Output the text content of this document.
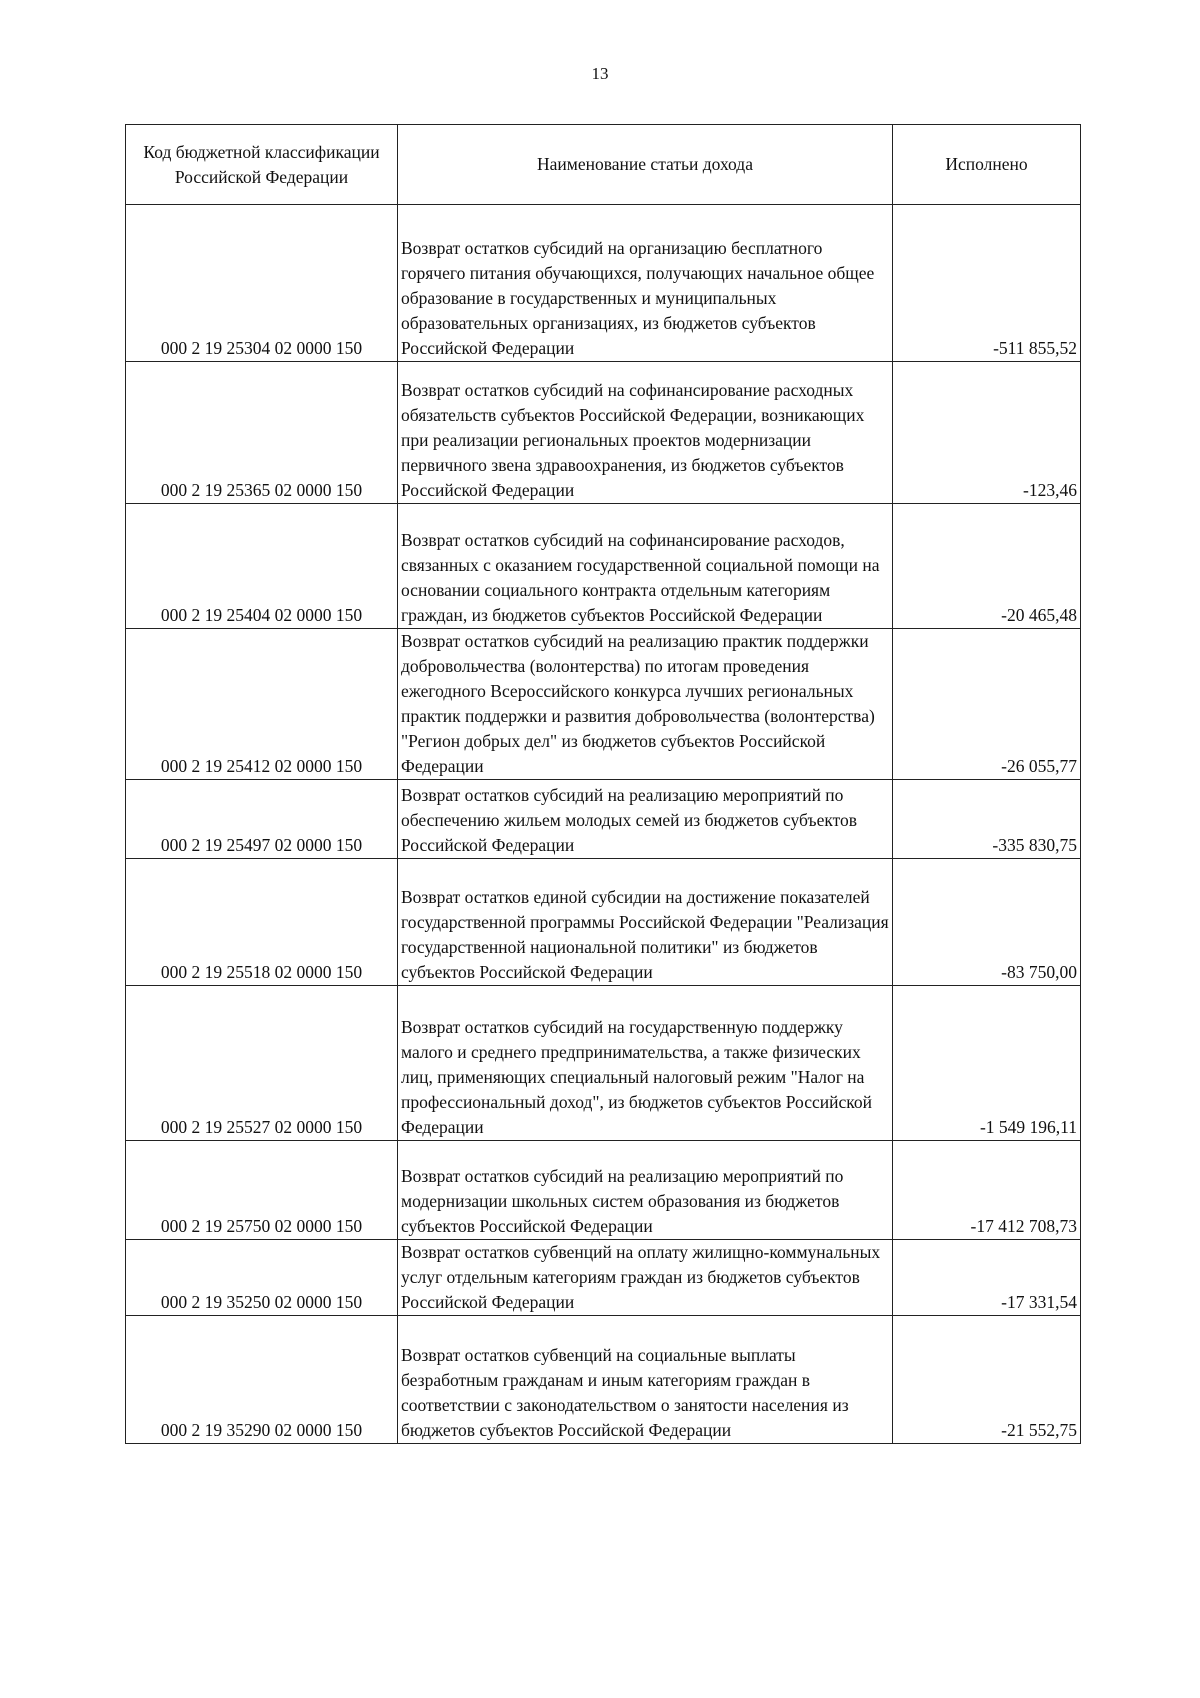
13
Код бюджетной классификации Российской Федерации	Наименование статьи дохода	Исполнено
000 2 19 25304 02 0000 150	Возврат остатков субсидий на организацию бесплатного горячего питания обучающихся, получающих начальное общее образование в государственных и муниципальных образовательных организациях, из бюджетов субъектов Российской Федерации	-511 855,52
000 2 19 25365 02 0000 150	Возврат остатков субсидий на софинансирование расходных обязательств субъектов Российской Федерации, возникающих при реализации региональных проектов модернизации первичного звена здравоохранения, из бюджетов субъектов Российской Федерации	-123,46
000 2 19 25404 02 0000 150	Возврат остатков субсидий на софинансирование расходов, связанных с оказанием государственной социальной помощи на основании социального контракта отдельным категориям граждан, из бюджетов субъектов Российской Федерации	-20 465,48
000 2 19 25412 02 0000 150	Возврат остатков субсидий на реализацию практик поддержки добровольчества (волонтерства) по итогам проведения ежегодного Всероссийского конкурса лучших региональных практик поддержки и развития добровольчества (волонтерства) "Регион добрых дел" из бюджетов субъектов Российской Федерации	-26 055,77
000 2 19 25497 02 0000 150	Возврат остатков субсидий на реализацию мероприятий по обеспечению жильем молодых семей из бюджетов субъектов Российской Федерации	-335 830,75
000 2 19 25518 02 0000 150	Возврат остатков единой субсидии на достижение показателей государственной программы Российской Федерации "Реализация государственной национальной политики" из бюджетов субъектов Российской Федерации	-83 750,00
000 2 19 25527 02 0000 150	Возврат остатков субсидий на государственную поддержку малого и среднего предпринимательства, а также физических лиц, применяющих специальный налоговый режим "Налог на профессиональный доход", из бюджетов субъектов Российской Федерации	-1 549 196,11
000 2 19 25750 02 0000 150	Возврат остатков субсидий на реализацию мероприятий по модернизации школьных систем образования из бюджетов субъектов Российской Федерации	-17 412 708,73
000 2 19 35250 02 0000 150	Возврат остатков субвенций на оплату жилищно-коммунальных услуг отдельным категориям граждан из бюджетов субъектов Российской Федерации	-17 331,54
000 2 19 35290 02 0000 150	Возврат остатков субвенций на социальные выплаты безработным гражданам и иным категориям граждан в соответствии с законодательством о занятости населения из бюджетов субъектов Российской Федерации	-21 552,75
